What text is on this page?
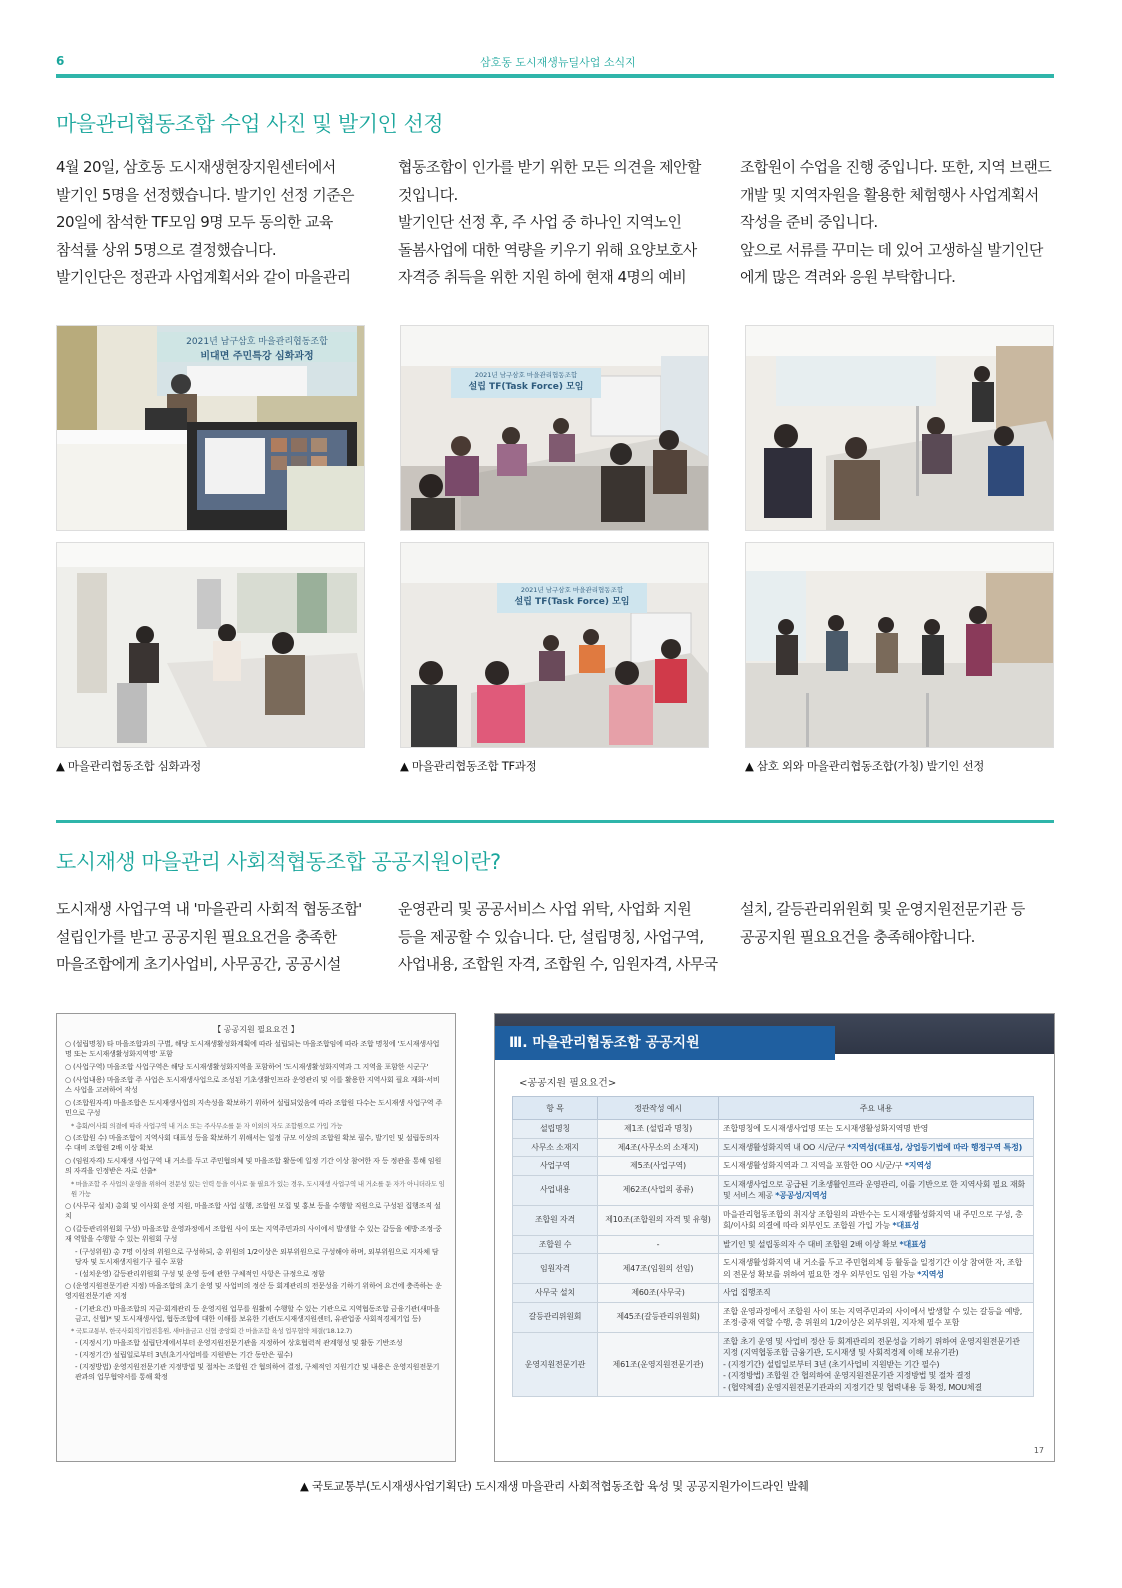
6	삼호동 도시재생뉴딜사업 소식지
마을관리협동조합 수업 사진 및 발기인 선정

4월 20일, 삼호동 도시재생현장지원센터에서

발기인 5명을 선정했습니다. 발기인 선정 기준은

20일에 참석한 TF모임 9명 모두 동의한 교육

참석률 상위 5명으로 결정했습니다.

발기인단은 정관과 사업계획서와 같이 마을관리

협동조합이 인가를 받기 위한 모든 의견을 제안할

것입니다.

발기인단 선정 후, 주 사업 중 하나인 지역노인

돌봄사업에 대한 역량을 키우기 위해 요양보호사

자격증 취득을 위한 지원 하에 현재 4명의 예비

조합원이 수업을 진행 중입니다. 또한, 지역 브랜드

개발 및 지역자원을 활용한 체험행사 사업계획서

작성을 준비 중입니다.

앞으로 서류를 꾸미는 데 있어 고생하실 발기인단

에게 많은 격려와 응원 부탁합니다.

2021년 남구삼호 마을관리협동조합
비대면 주민특강 심화과정
2021년 남구삼호 마을관리협동조합
설립 TF(Task Force) 모임
2021년 남구삼호 마을관리협동조합
설립 TF(Task Force) 모임
▲ 마을관리협동조합 심화과정	▲ 마을관리협동조합 TF과정	▲ 삼호 외와 마을관리협동조합(가칭) 발기인 선정
도시재생 마을관리 사회적협동조합 공공지원이란?

도시재생 사업구역 내 '마을관리 사회적 협동조합'

설립인가를 받고 공공지원 필요요건을 충족한

마을조합에게 초기사업비, 사무공간, 공공시설

운영관리 및 공공서비스 사업 위탁, 사업화 지원

등을 제공할 수 있습니다. 단, 설립명칭, 사업구역,

사업내용, 조합원 자격, 조합원 수, 임원자격, 사무국

설치, 갈등관리위원회 및 운영지원전문기관 등

공공지원 필요요건을 충족해야합니다.

【 공공지원 필요요건 】
○ (설립명칭) 타 마을조합과의 구별, 해당 도시재생활성화계획에 따라 설립되는 마을조합임에 따라 조합 명칭에 '도시재생사업명 또는 도시재생활성화지역명' 포함
○ (사업구역) 마을조합 사업구역은 해당 도시재생활성화지역을 포함하여 '도시재생활성화지역과 그 지역을 포함한 시군구'
○ (사업내용) 마을조합 주 사업은 도시재생사업으로 조성된 기초생활인프라 운영관리 및 이를 활용한 지역사회 필요 재화·서비스 사업을 고려하여 작성
○ (조합원자격) 마을조합은 도시재생사업의 지속성을 확보하기 위하여 설립되었음에 따라 조합원 다수는 도시재생 사업구역 주민으로 구성
* 총회/이사회 의결에 따라 사업구역 내 거소 또는 주사무소를 둔 자 이외의 자도 조합원으로 가입 가능
○ (조합원 수) 마을조합이 지역사회 대표성 등을 확보하기 위해서는 일정 규모 이상의 조합원 확보 필수, 발기인 및 설립동의자 수 대비 조합원 2배 이상 확보
○ (임원자격) 도시재생 사업구역 내 거소를 두고 주민협의체 및 마을조합 활동에 일정 기간 이상 참여한 자 등 정관을 통해 임원의 자격을 인정받은 자로 선출*
* 마을조합 주 사업의 운영을 위하여 전문성 있는 인력 등을 이사로 둘 필요가 있는 경우, 도시재생 사업구역 내 거소를 둔 자가 아니더라도 임원 가능
○ (사무국 설치) 총회 및 이사회 운영 지원, 마을조합 사업 실행, 조합원 모집 및 홍보 등을 수행할 직원으로 구성된 집행조직 설치
○ (갈등관리위원회 구성) 마을조합 운영과정에서 조합원 사이 또는 지역주민과의 사이에서 발생할 수 있는 갈등을 예방·조정·중재 역할을 수행할 수 있는 위원회 구성
- (구성위원) 총 7명 이상의 위원으로 구성하되, 총 위원의 1/2이상은 외부위원으로 구성해야 하며, 외부위원으로 지자체 담당자 및 도시재생지원기구 필수 포함
- (설치운영) 갈등관리위원회 구성 및 운영 등에 관한 구체적인 사항은 규정으로 정함
○ (운영지원전문기관 지정) 마을조합의 초기 운영 및 사업비의 정산 등 회계관리의 전문성을 기하기 위하여 요건에 충족하는 운영지원전문기관 지정
- (기관요건) 마을조합의 지금·회계관리 등 운영지원 업무를 원활히 수행할 수 있는 기관으로 지역협동조합 금융기관(새마을금고, 신협)* 및 도시재생사업, 협동조합에 대한 이해를 보유한 기관(도시재생지원센터, 유관업종 사회적경제기업 등)
* 국토교통부, 한국사회적기업진흥원, 새마을금고 신협 중앙회 간 마을조합 육성 업무협약 체결('18.12.7)
- (지정시기) 마을조합 설립단계에서부터 운영지원전문기관을 지정하여 상호협력적 관계형성 및 활동 기반조성
- (지정기간) 설립일로부터 3년(초기사업비를 지원받는 기간 동안은 필수)
- (지정방법) 운영지원전문기관 지정방법 및 절차는 조합원 간 협의하여 결정, 구체적인 지원기간 및 내용은 운영지원전문기관과의 업무협약서를 통해 확정
Ⅲ. 마을관리협동조합 공공지원
<공공지원 필요요건>
항 목	정관작성 예시	주요 내용
설립명칭	제1조 (설립과 명칭)	조합명칭에 도시재생사업명 또는 도시재생활성화지역명 반영
사무소 소재지	제4조(사무소의 소재지)	도시재생활성화지역 내 OO 시/군/구 *지역성(대표성, 상업등기법에 따라 행정구역 특정)
사업구역	제5조(사업구역)	도시재생활성화지역과 그 지역을 포함한 OO 시/군/구 *지역성
사업내용	제62조(사업의 종류)	도시재생사업으로 공급된 기초생활인프라 운영관리, 이를 기반으로 한 지역사회 필요 재화 및 서비스 제공 *공공성/지역성
조합원 자격	제10조(조합원의 자격 및 유형)	마을관리협동조합의 취지상 조합원의 과반수는 도시재생활성화지역 내 주민으로 구성, 총회/이사회 의결에 따라 외부인도 조합원 가입 가능 *대표성
조합원 수	-	발기인 및 설립동의자 수 대비 조합원 2배 이상 확보 *대표성
임원자격	제47조(임원의 선임)	도시재생활성화지역 내 거소를 두고 주민협의체 등 활동을 일정기간 이상 참여한 자, 조합의 전문성 확보를 위하여 필요한 경우 외부인도 임원 가능 *지역성
사무국 설치	제60조(사무국)	사업 집행조직
갈등관리위원회	제45조(갈등관리위원회)	조합 운영과정에서 조합원 사이 또는 지역주민과의 사이에서 발생할 수 있는 갈등을 예방, 조정·중재 역할 수행, 총 위원의 1/2이상은 외부위원, 지자체 필수 포함
운영지원전문기관	제61조(운영지원전문기관)	조합 초기 운영 및 사업비 정산 등 회계관리의 전문성을 기하기 위하여 운영지원전문기관 지정 (지역협동조합 금융기관, 도시재생 및 사회적경제 이해 보유기관)
- (지정기간) 설립일로부터 3년 (초기사업비 지원받는 기간 필수)
- (지정방법) 조합원 간 협의하여 운영지원전문기관 지정방법 및 절차 결정
- (협약체결) 운영지원전문기관과의 지정기간 및 협력내용 등 확정, MOU체결
17
▲ 국토교통부(도시재생사업기획단) 도시재생 마을관리 사회적협동조합 육성 및 공공지원가이드라인 발췌
